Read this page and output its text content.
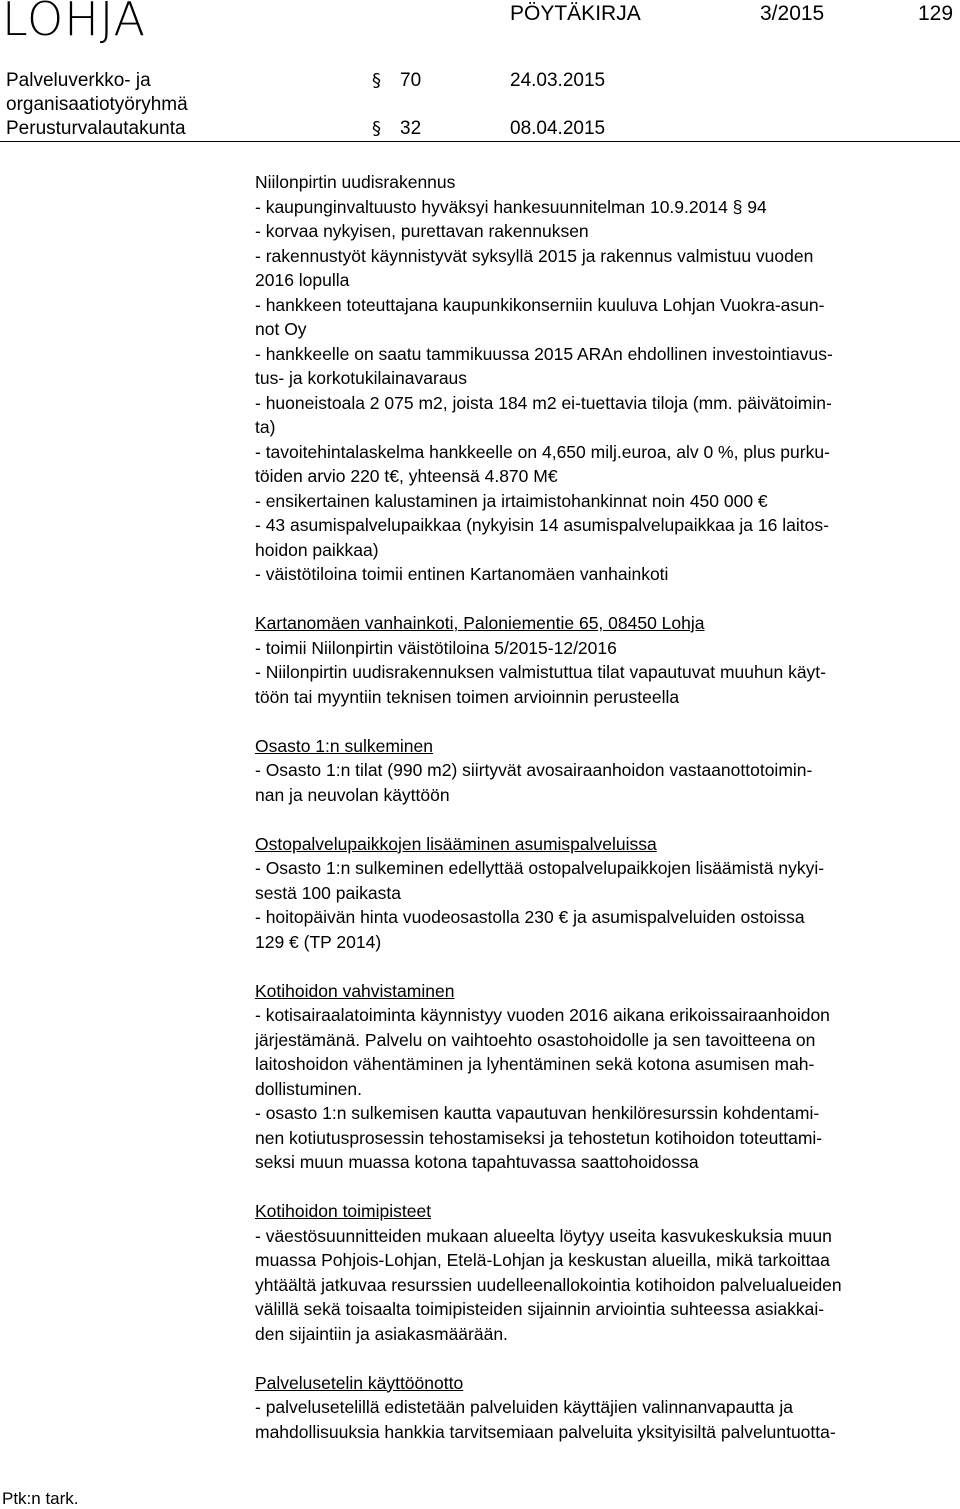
LOHJA	PÖYTÄKIRJA	3/2015	129
Palveluverkko- ja
organisaatiotyöryhmä
§ 70	24.03.2015
Perusturvalautakunta	§ 32	08.04.2015
Niilonpirtin uudisrakennus
- kaupunginvaltuusto hyväksyi hankesuunnitelman 10.9.2014 § 94
- korvaa nykyisen, purettavan rakennuksen
- rakennustyöt käynnistyvät syksyllä 2015 ja rakennus valmistuu vuoden
2016 lopulla
- hankkeen toteuttajana kaupunkikonserniin kuuluva Lohjan Vuokra-asun-
not Oy
- hankkeelle on saatu tammikuussa 2015 ARAn ehdollinen investointiavus-
tus- ja korkotukilainavaraus
- huoneistoala 2 075 m2, joista 184 m2 ei-tuettavia tiloja (mm. päivätoimin-
ta)
- tavoitehintalaskelma hankkeelle on 4,650 milj.euroa, alv 0 %, plus purku-
töiden arvio 220 t€, yhteensä 4.870 M€
- ensikertainen kalustaminen ja irtaimistohankinnat noin 450 000 €
- 43 asumispalvelupaikkaa (nykyisin 14 asumispalvelupaikkaa ja 16 laitos-
hoidon paikkaa)
- väistötiloina toimii entinen Kartanomäen vanhainkoti
Kartanomäen vanhainkoti, Paloniementie 65, 08450 Lohja
- toimii Niilonpirtin väistötiloina 5/2015-12/2016
- Niilonpirtin uudisrakennuksen valmistuttua tilat vapautuvat muuhun käyt-
töön tai myyntiin teknisen toimen arvioinnin perusteella
Osasto 1:n sulkeminen
- Osasto 1:n tilat (990 m2) siirtyvät avosairaanhoidon vastaanottotoimin-
nan ja neuvolan käyttöön
Ostopalvelupaikkojen lisääminen asumispalveluissa
- Osasto 1:n sulkeminen edellyttää ostopalvelupaikkojen lisäämistä nykyi-
sestä 100 paikasta
- hoitopäivän hinta vuodeosastolla 230 € ja asumispalveluiden ostoissa
129 € (TP 2014)
Kotihoidon vahvistaminen
- kotisairaalatoiminta käynnistyy vuoden 2016 aikana erikoissairaanhoidon
järjestämänä. Palvelu on vaihtoehto osastohoidolle ja sen tavoitteena on
laitoshoidon vähentäminen ja lyhentäminen sekä kotona asumisen mah-
dollistuminen.
- osasto 1:n sulkemisen kautta vapautuvan henkilöresurssin kohdentami-
nen kotiutusprosessin tehostamiseksi ja tehostetun kotihoidon toteuttami-
seksi muun muassa kotona tapahtuvassa saattohoidossa
Kotihoidon toimipisteet
- väestösuunnitteiden mukaan alueelta löytyy useita kasvukeskuksia muun
muassa Pohjois-Lohjan, Etelä-Lohjan ja keskustan alueilla, mikä tarkoittaa
yhtäältä jatkuvaa resurssien uudelleenallokointia kotihoidon palvelualueiden
välillä sekä toisaalta toimipisteiden sijainnin arviointia suhteessa asiakkai-
den sijaintiin ja asiakasmäärään.
Palvelusetelin käyttöönotto
- palvelusetelillä edistetään palveluiden käyttäjien valinnanvapautta ja
mahdollisuuksia hankkia tarvitsemiaan palveluita yksityisiltä palveluntuotta-
Ptk:n tark.
